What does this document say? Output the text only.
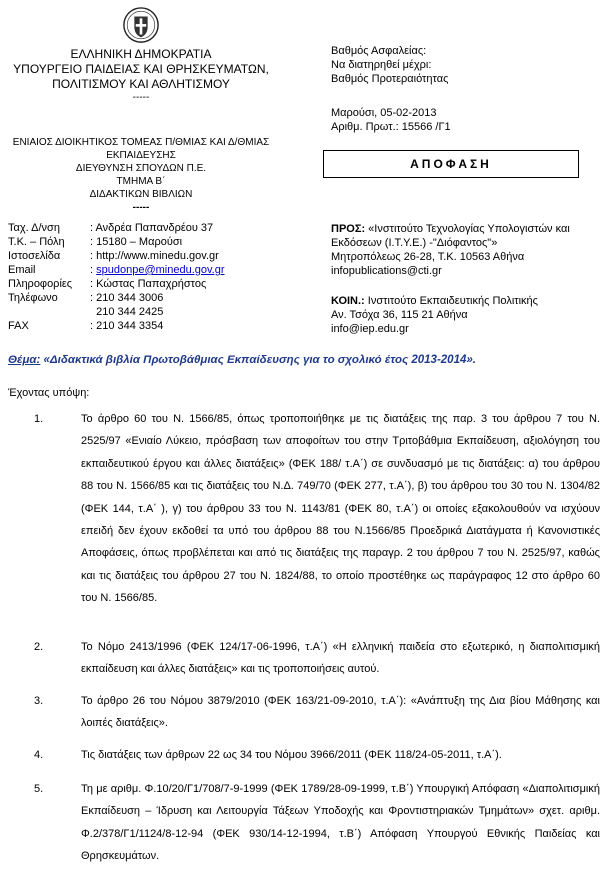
ΕΛΛΗΝΙΚΗ ΔΗΜΟΚΡΑΤΙΑ
ΥΠΟΥΡΓΕΙΟ ΠΑΙΔΕΙΑΣ ΚΑΙ ΘΡΗΣΚΕΥΜΑΤΩΝ,
ΠΟΛΙΤΙΣΜΟΥ ΚΑΙ ΑΘΛΗΤΙΣΜΟΥ
-----
ΕΝΙΑΙΟΣ ΔΙΟΙΚΗΤΙΚΟΣ ΤΟΜΕΑΣ Π/ΘΜΙΑΣ ΚΑΙ Δ/ΘΜΙΑΣ
ΕΚΠΑΙΔΕΥΣΗΣ
ΔΙΕΥΘΥΝΣΗ ΣΠΟΥΔΩΝ Π.Ε.
ΤΜΗΜΑ Β΄
ΔΙΔΑΚΤΙΚΩΝ ΒΙΒΛΙΩΝ
-----
Βαθμός Ασφαλείας:
Να διατηρηθεί μέχρι:
Βαθμός Προτεραιότητας
Μαρούσι, 05-02-2013
Αριθμ. Πρωτ.: 15566 /Γ1
ΑΠΟΦΑΣΗ
Ταχ. Δ/νση	: Ανδρέα Παπανδρέου 37
Τ.Κ. – Πόλη	: 15180 – Μαρούσι
Ιστοσελίδα	: http://www.minedu.gov.gr
Email	: spudonpe@minedu.gov.gr
Πληροφορίες	: Κώστας Παπαχρήστος
Τηλέφωνο	: 210 344 3006
210 344 2425
FAX	: 210 344 3354
ΠΡΟΣ: «Ινστιτούτο Τεχνολογίας Υπολογιστών και
Εκδόσεων (Ι.Τ.Υ.Ε.) -"Διόφαντος"»
Μητροπόλεως 26-28, Τ.Κ. 10563 Αθήνα
infopublications@cti.gr
ΚΟΙΝ.: Ινστιτούτο Εκπαιδευτικής Πολιτικής
Αν. Τσόχα 36, 115 21 Αθήνα
info@iep.edu.gr
Θέμα: «Διδακτικά βιβλία Πρωτοβάθμιας Εκπαίδευσης για το σχολικό έτος 2013-2014».
Έχοντας υπόψη:
1.	Το άρθρο 60 του Ν. 1566/85, όπως τροποποιήθηκε με τις διατάξεις της παρ. 3 του άρθρου 7 του Ν. 2525/97 «Ενιαίο Λύκειο, πρόσβαση των αποφοίτων του στην Τριτοβάθμια Εκπαίδευση, αξιολόγηση του εκπαιδευτικού έργου και άλλες διατάξεις» (ΦΕΚ 188/ τ.Α΄) σε συνδυασμό με τις διατάξεις: α) του άρθρου 88 του Ν. 1566/85 και τις διατάξεις του Ν.Δ. 749/70 (ΦΕΚ 277, τ.Α΄), β) του άρθρου του 30 του Ν. 1304/82 (ΦΕΚ 144, τ.Α΄ ), γ) του άρθρου 33 του Ν. 1143/81 (ΦΕΚ 80, τ.Α΄) οι οποίες εξακολουθούν να ισχύουν επειδή δεν έχουν εκδοθεί τα υπό του άρθρου 88 του Ν.1566/85 Προεδρικά Διατάγματα ή Κανονιστικές Αποφάσεις, όπως προβλέπεται και από τις διατάξεις της παραγρ. 2 του άρθρου 7 του Ν. 2525/97, καθώς και τις διατάξεις του άρθρου 27 του Ν. 1824/88, το οποίο προστέθηκε ως παράγραφος 12 στο άρθρο 60 του Ν. 1566/85.
2.	Το Νόμο 2413/1996 (ΦΕΚ 124/17-06-1996, τ.Α΄) «Η ελληνική παιδεία στο εξωτερικό, η διαπολιτισμική εκπαίδευση και άλλες διατάξεις» και τις τροποποιήσεις αυτού.
3.	Το άρθρο 26 του Νόμου 3879/2010 (ΦΕΚ 163/21-09-2010, τ.Α΄): «Ανάπτυξη της Δια βίου Μάθησης και λοιπές διατάξεις».
4.	Τις διατάξεις των άρθρων 22 ως 34 του Νόμου 3966/2011 (ΦΕΚ 118/24-05-2011, τ.Α΄).
5.	Τη με αριθμ. Φ.10/20/Γ1/708/7-9-1999 (ΦΕΚ 1789/28-09-1999, τ.Β΄) Υπουργική Απόφαση «Διαπολιτισμική Εκπαίδευση – Ίδρυση και Λειτουργία Τάξεων Υποδοχής και Φροντιστηριακών Τμημάτων» σχετ. αριθμ. Φ.2/378/Γ1/1124/8-12-94 (ΦΕΚ 930/14-12-1994, τ.Β΄) Απόφαση Υπουργού Εθνικής Παιδείας και Θρησκευμάτων.
